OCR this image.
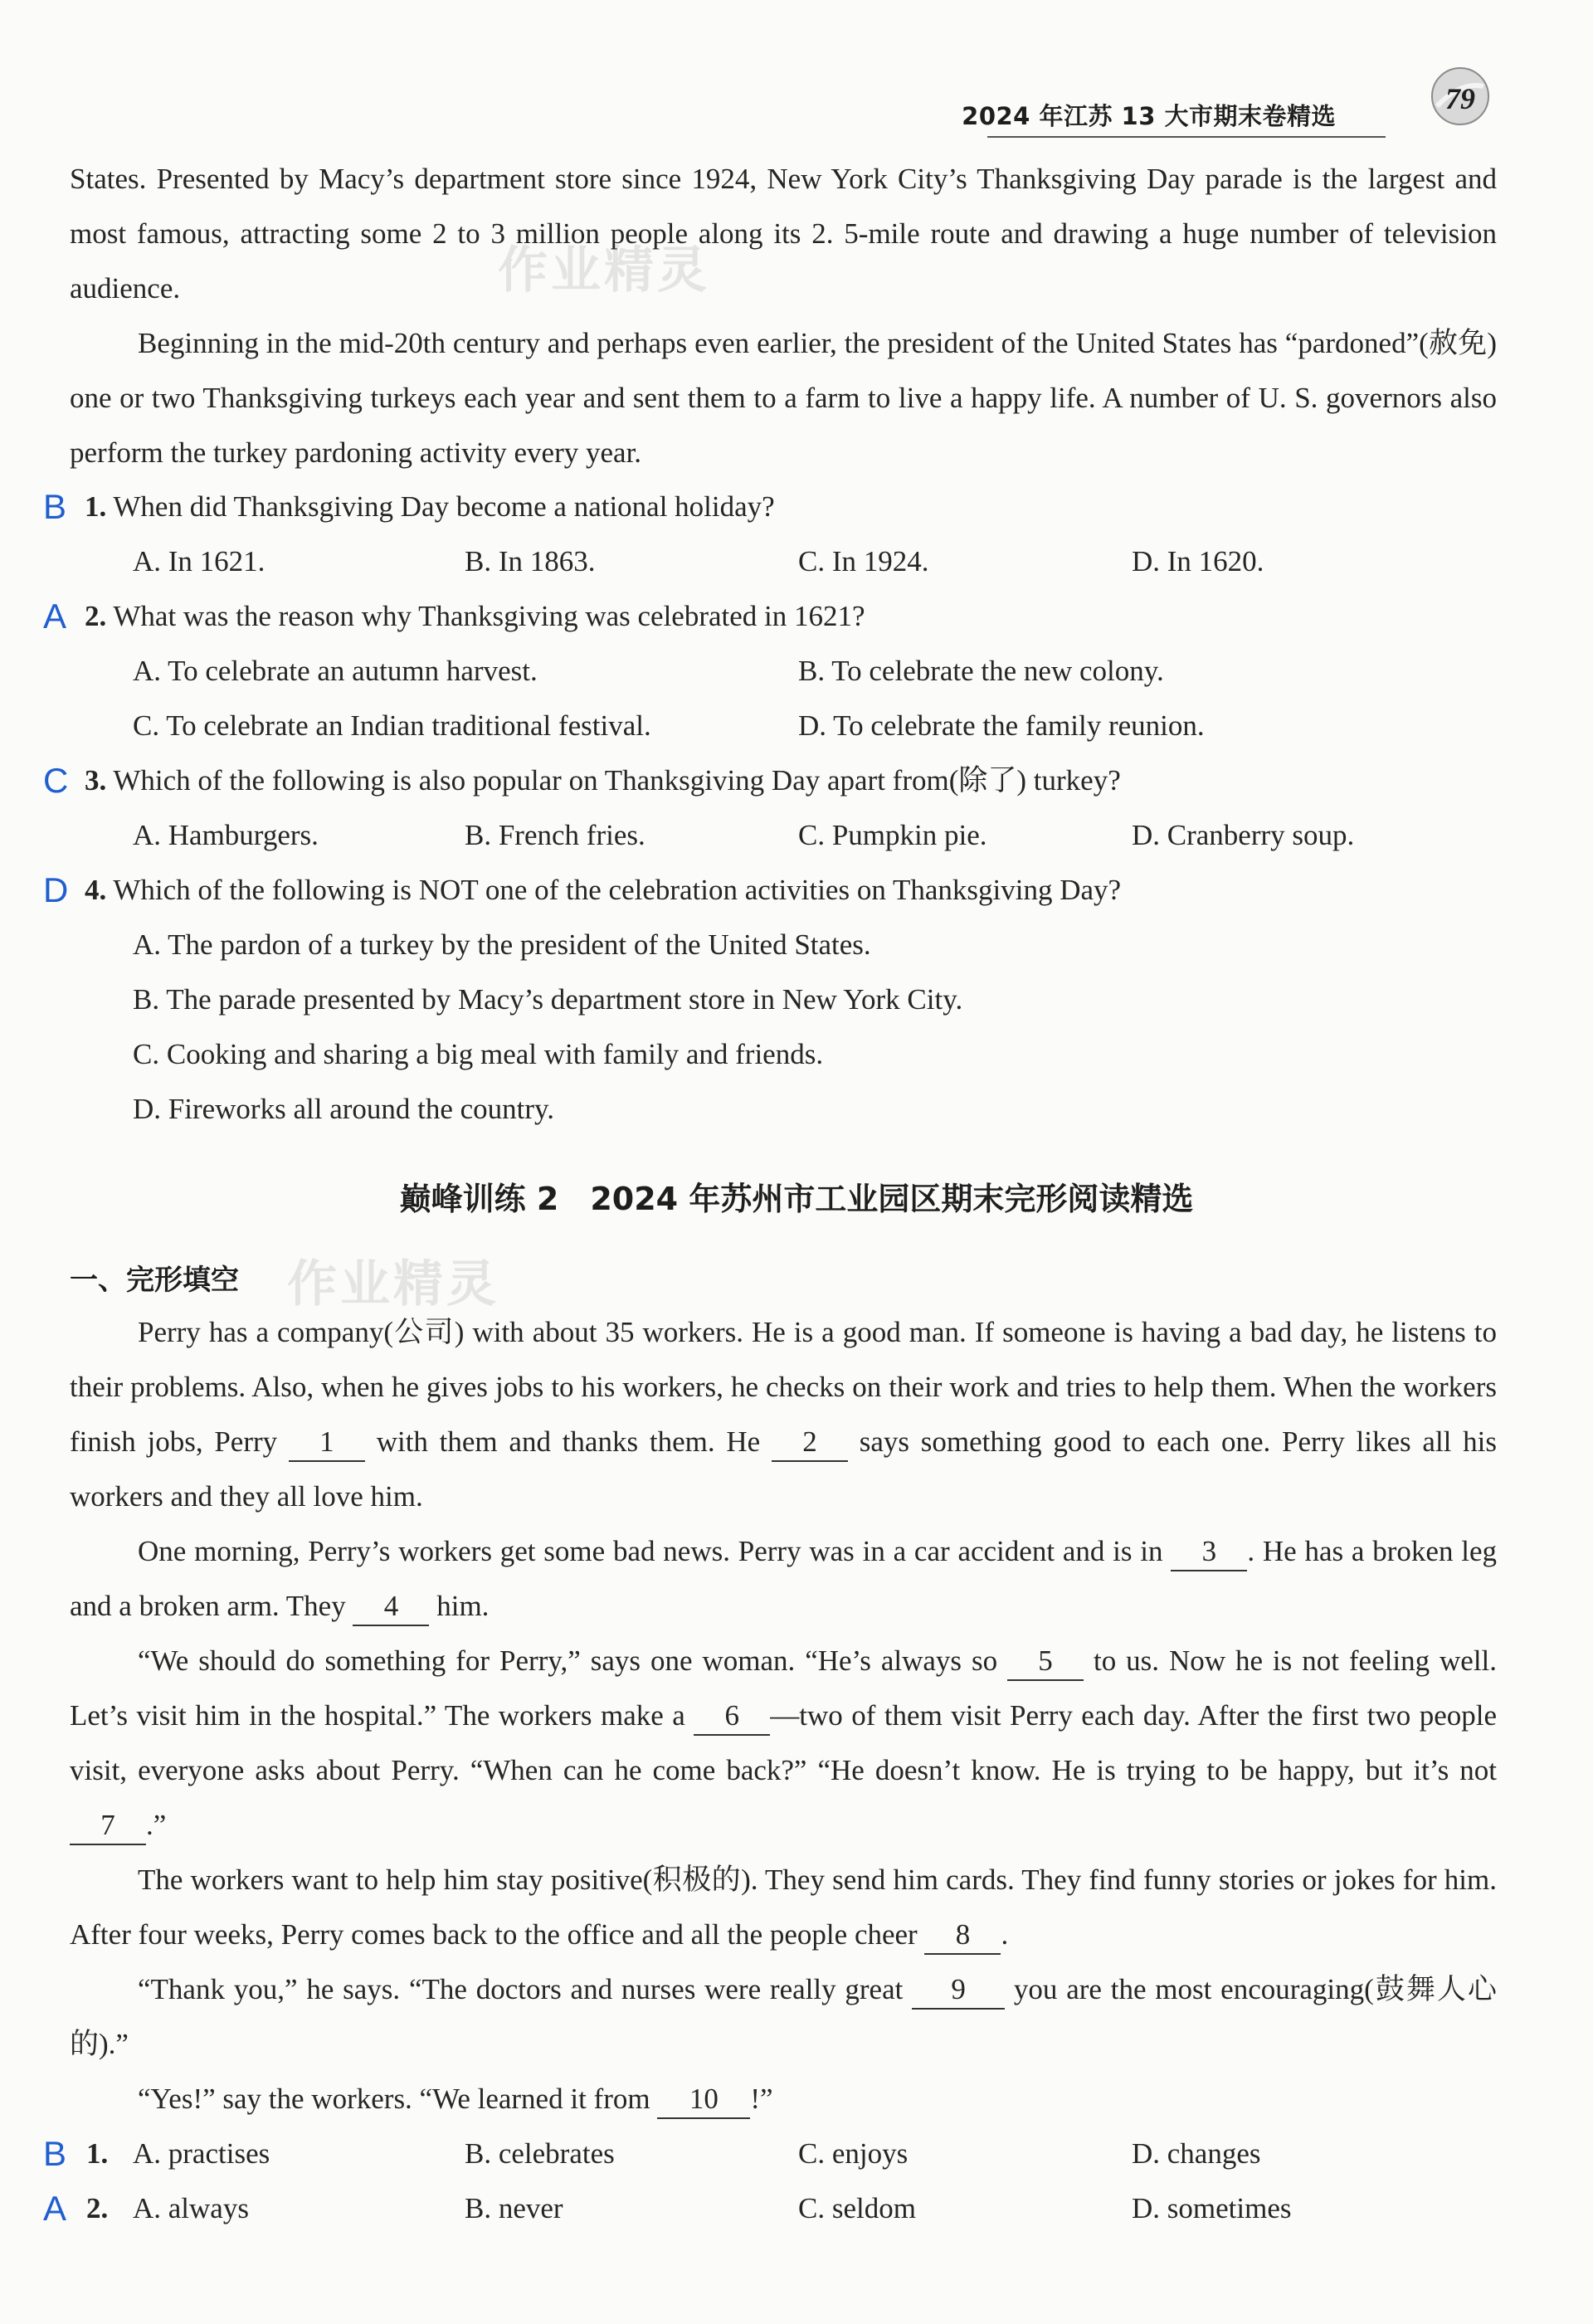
2024 年江苏 13 大市期末卷精选
79
作业精灵
作业精灵
States. Presented by Macy’s department store since 1924, New York City’s Thanksgiving Day parade is the largest and most famous, attracting some 2 to 3 million people along its 2. 5-mile route and drawing a huge number of television audience.
Beginning in the mid-20th century and perhaps even earlier, the president of the United States has “pardoned”(赦免) one or two Thanksgiving turkeys each year and sent them to a farm to live a happy life. A number of U. S. governors also perform the turkey pardoning activity every year.
B 1. When did Thanksgiving Day become a national holiday?
A. In 1621.	B. In 1863.	C. In 1924.	D. In 1620.
A 2. What was the reason why Thanksgiving was celebrated in 1621?
A. To celebrate an autumn harvest.	B. To celebrate the new colony.
C. To celebrate an Indian traditional festival.	D. To celebrate the family reunion.
C 3. Which of the following is also popular on Thanksgiving Day apart from(除了) turkey?
A. Hamburgers.	B. French fries.	C. Pumpkin pie.	D. Cranberry soup.
D 4. Which of the following is NOT one of the celebration activities on Thanksgiving Day?
A. The pardon of a turkey by the president of the United States.
B. The parade presented by Macy’s department store in New York City.
C. Cooking and sharing a big meal with family and friends.
D. Fireworks all around the country.
巅峰训练 2　2024 年苏州市工业园区期末完形阅读精选
一、完形填空
Perry has a company(公司) with about 35 workers. He is a good man. If someone is having a bad day, he listens to their problems. Also, when he gives jobs to his workers, he checks on their work and tries to help them. When the workers finish jobs, Perry 1 with them and thanks them. He 2 says something good to each one. Perry likes all his workers and they all love him.
One morning, Perry’s workers get some bad news. Perry was in a car accident and is in 3 . He has a broken leg and a broken arm. They 4 him.
“We should do something for Perry,” says one woman. “He’s always so 5 to us. Now he is not feeling well. Let’s visit him in the hospital.” The workers make a 6 —two of them visit Perry each day. After the first two people visit, everyone asks about Perry. “When can he come back?” “He doesn’t know. He is trying to be happy, but it’s not 7 .”
The workers want to help him stay positive(积极的). They send him cards. They find funny stories or jokes for him. After four weeks, Perry comes back to the office and all the people cheer 8 .
“Thank you,” he says. “The doctors and nurses were really great 9 you are the most encouraging(鼓舞人心的).”
“Yes!” say the workers. “We learned it from 10 !”
B 1. A. practises	B. celebrates	C. enjoys	D. changes
A 2. A. always	B. never	C. seldom	D. sometimes
